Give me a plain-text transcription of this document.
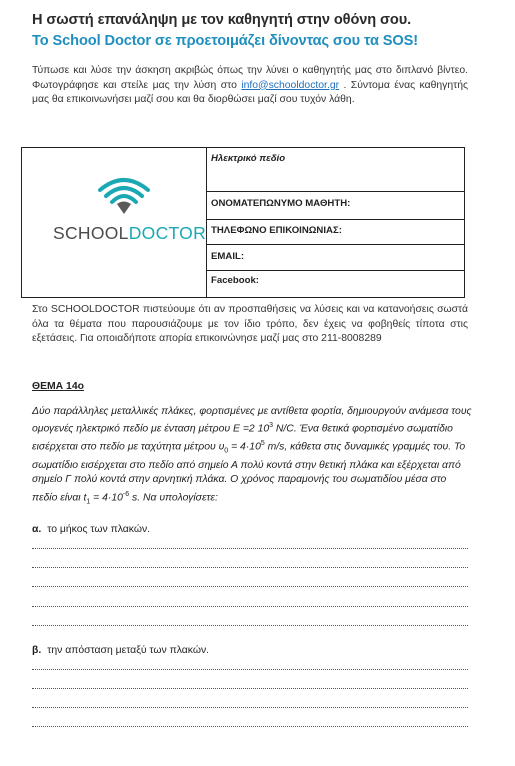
Η σωστή επανάληψη με τον καθηγητή στην οθόνη σου.
Το School Doctor σε προετοιμάζει δίνοντας σου τα SOS!
Τύπωσε και λύσε την άσκηση ακριβώς όπως την λύνει ο καθηγητής μας στο διπλανό βίντεο. Φωτογράφησε και στείλε μας την λύση στο info@schooldoctor.gr . Σύντομα ένας καθηγητής μας θα επικοινωνήσει μαζί σου και θα διορθώσει μαζί σου τυχόν λάθη.
SCHOOLDOCTOR
Ηλεκτρικό πεδίο
ΟΝΟΜΑΤΕΠΩΝΥΜΟ ΜΑΘΗΤΗ:
ΤΗΛΕΦΩΝΟ ΕΠΙΚΟΙΝΩΝΙΑΣ:
EMAIL:
Facebook:
Στο SCHOOLDOCTOR πιστεύουμε ότι αν προσπαθήσεις να λύσεις και να κατανοήσεις σωστά όλα τα θέματα που παρουσιάζουμε με τον ίδιο τρόπο, δεν έχεις να φοβηθείς τίποτα στις εξετάσεις. Για οποιαδήποτε απορία επικοινώνησε μαζί μας στο 211-8008289
ΘΕΜΑ 14ο
Δύο παράλληλες μεταλλικές πλάκες, φορτισμένες με αντίθετα φορτία, δημιουργούν ανάμεσα τους ομογενές ηλεκτρικό πεδίο με ένταση μέτρου Ε =2 $10^3$ N/C. Ένα θετικά φορτισμένο σωματίδιο εισέρχεται στο πεδίο με ταχύτητα μέτρου $\upsilon_0 = 4\cdot 10^5$ m/s, κάθετα στις δυναμικές γραμμές του. Το σωματίδιο εισέρχεται στο πεδίο από σημείο Α πολύ κοντά στην θετική πλάκα και εξέρχεται από σημείο Γ πολύ κοντά στην αρνητική πλάκα. Ο χρόνος παραμονής του σωματιδίου μέσα στο πεδίο είναι $t_1 = 4\cdot 10^{-6}$ s. Να υπολογίσετε:
α. το μήκος των πλακών.
β. την απόσταση μεταξύ των πλακών.
